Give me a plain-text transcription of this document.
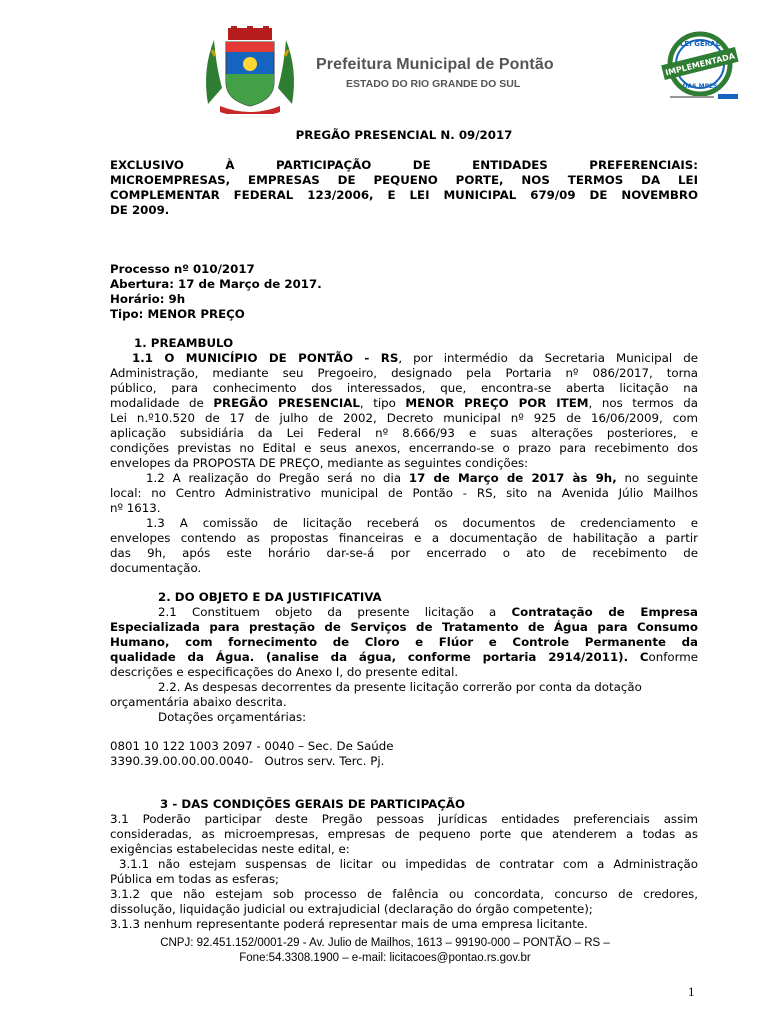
Prefeitura Municipal de Pontão
ESTADO DO RIO GRANDE DO SUL
LEI GERAL
IMPLEMENTADA
DAS MPES
PREGÃO PRESENCIAL N. 09/2017
EXCLUSIVO À PARTICIPAÇÃO DE ENTIDADES PREFERENCIAIS:
MICROEMPRESAS, EMPRESAS DE PEQUENO PORTE, NOS TERMOS DA LEI
COMPLEMENTAR FEDERAL 123/2006, E LEI MUNICIPAL 679/09 DE NOVEMBRO
DE 2009.
Processo nº 010/2017
Abertura: 17 de Março de 2017.
Horário: 9h
Tipo: MENOR PREÇO
1. PREAMBULO
1.1 O MUNICÍPIO DE PONTÃO - RS, por intermédio da Secretaria Municipal de
Administração, mediante seu Pregoeiro, designado pela Portaria nº 086/2017, torna
público, para conhecimento dos interessados, que, encontra-se aberta licitação na
modalidade de PREGÃO PRESENCIAL, tipo MENOR PREÇO POR ITEM, nos termos da
Lei n.º10.520 de 17 de julho de 2002, Decreto municipal nº 925 de 16/06/2009, com
aplicação subsidiária da Lei Federal nº 8.666/93 e suas alterações posteriores, e
condições previstas no Edital e seus anexos, encerrando-se o prazo para recebimento dos
envelopes da PROPOSTA DE PREÇO, mediante as seguintes condições:
1.2 A realização do Pregão será no dia 17 de Março de 2017 às 9h, no seguinte
local: no Centro Administrativo municipal de Pontão - RS, sito na Avenida Júlio Mailhos
nº 1613.
1.3 A comissão de licitação receberá os documentos de credenciamento e
envelopes contendo as propostas financeiras e a documentação de habilitação a partir
das 9h, após este horário dar-se-á por encerrado o ato de recebimento de
documentação.
2. DO OBJETO E DA JUSTIFICATIVA
2.1 Constituem objeto da presente licitação a Contratação de Empresa
Especializada para prestação de Serviços de Tratamento de Água para Consumo
Humano, com fornecimento de Cloro e Flúor e Controle Permanente da
qualidade da Água. (analise da água, conforme portaria 2914/2011). Conforme
descrições e especificações do Anexo I, do presente edital.
2.2. As despesas decorrentes da presente licitação correrão por conta da dotação
orçamentária abaixo descrita.
Dotações orçamentárias:
0801 10 122 1003 2097 - 0040 – Sec. De Saúde
3390.39.00.00.00.0040-   Outros serv. Terc. Pj.
3 - DAS CONDIÇÕES GERAIS DE PARTICIPAÇÃO
3.1 Poderão participar deste Pregão pessoas jurídicas entidades preferenciais assim
consideradas, as microempresas, empresas de pequeno porte que atenderem a todas as
exigências estabelecidas neste edital, e:
3.1.1 não estejam suspensas de licitar ou impedidas de contratar com a Administração
Pública em todas as esferas;
3.1.2 que não estejam sob processo de falência ou concordata, concurso de credores,
dissolução, liquidação judicial ou extrajudicial (declaração do órgão competente);
3.1.3 nenhum representante poderá representar mais de uma empresa licitante.
CNPJ: 92.451.152/0001-29 - Av. Julio de Mailhos, 1613 – 99190-000 – PONTÃO – RS –
Fone:54.3308.1900 – e-mail: licitacoes@pontao.rs.gov.br
1
